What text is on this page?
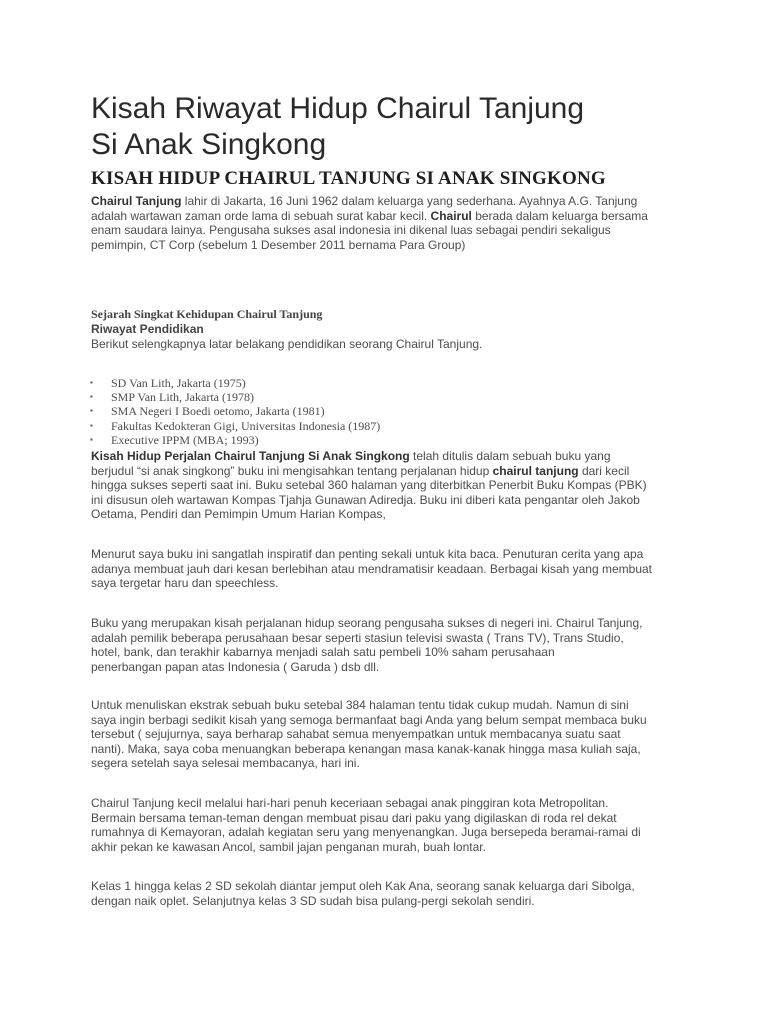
Kisah Riwayat Hidup Chairul Tanjung
Si Anak Singkong
KISAH HIDUP CHAIRUL TANJUNG SI ANAK SINGKONG
Chairul Tanjung lahir di Jakarta, 16 Juni 1962 dalam keluarga yang sederhana. Ayahnya A.G. Tanjung
adalah wartawan zaman orde lama di sebuah surat kabar kecil. Chairul berada dalam keluarga bersama
enam saudara lainya. Pengusaha sukses asal indonesia ini dikenal luas sebagai pendiri sekaligus
pemimpin, CT Corp (sebelum 1 Desember 2011 bernama Para Group)
Sejarah Singkat Kehidupan Chairul Tanjung
Riwayat Pendidikan
Berikut selengkapnya latar belakang pendidikan seorang Chairul Tanjung.
▪ SD Van Lith, Jakarta (1975)
▪ SMP Van Lith, Jakarta (1978)
▪ SMA Negeri I Boedi oetomo, Jakarta (1981)
▪ Fakultas Kedokteran Gigi, Universitas Indonesia (1987)
▪ Executive IPPM (MBA; 1993)
Kisah Hidup Perjalan Chairul Tanjung Si Anak Singkong telah ditulis dalam sebuah buku yang
berjudul “si anak singkong” buku ini mengisahkan tentang perjalanan hidup chairul tanjung dari kecil
hingga sukses seperti saat ini. Buku setebal 360 halaman yang diterbitkan Penerbit Buku Kompas (PBK)
ini disusun oleh wartawan Kompas Tjahja Gunawan Adiredja. Buku ini diberi kata pengantar oleh Jakob
Oetama, Pendiri dan Pemimpin Umum Harian Kompas,
Menurut saya buku ini sangatlah inspiratif dan penting sekali untuk kita baca. Penuturan cerita yang apa
adanya membuat jauh dari kesan berlebihan atau mendramatisir keadaan. Berbagai kisah yang membuat
saya tergetar haru dan speechless.
Buku yang merupakan kisah perjalanan hidup seorang pengusaha sukses di negeri ini. Chairul Tanjung,
adalah pemilik beberapa perusahaan besar seperti stasiun televisi swasta ( Trans TV), Trans Studio,
hotel, bank, dan terakhir kabarnya menjadi salah satu pembeli 10% saham perusahaan
penerbangan papan atas Indonesia ( Garuda ) dsb dll.
Untuk menuliskan ekstrak sebuah buku setebal 384 halaman tentu tidak cukup mudah. Namun di sini
saya ingin berbagi sedikit kisah yang semoga bermanfaat bagi Anda yang belum sempat membaca buku
tersebut ( sejujurnya, saya berharap sahabat semua menyempatkan untuk membacanya suatu saat
nanti). Maka, saya coba menuangkan beberapa kenangan masa kanak-kanak hingga masa kuliah saja,
segera setelah saya selesai membacanya, hari ini.
Chairul Tanjung kecil melalui hari-hari penuh keceriaan sebagai anak pinggiran kota Metropolitan.
Bermain bersama teman-teman dengan membuat pisau dari paku yang digilaskan di roda rel dekat
rumahnya di Kemayoran, adalah kegiatan seru yang menyenangkan. Juga bersepeda beramai-ramai di
akhir pekan ke kawasan Ancol, sambil jajan penganan murah, buah lontar.
Kelas 1 hingga kelas 2 SD sekolah diantar jemput oleh Kak Ana, seorang sanak keluarga dari Sibolga,
dengan naik oplet. Selanjutnya kelas 3 SD sudah bisa pulang-pergi sekolah sendiri.
